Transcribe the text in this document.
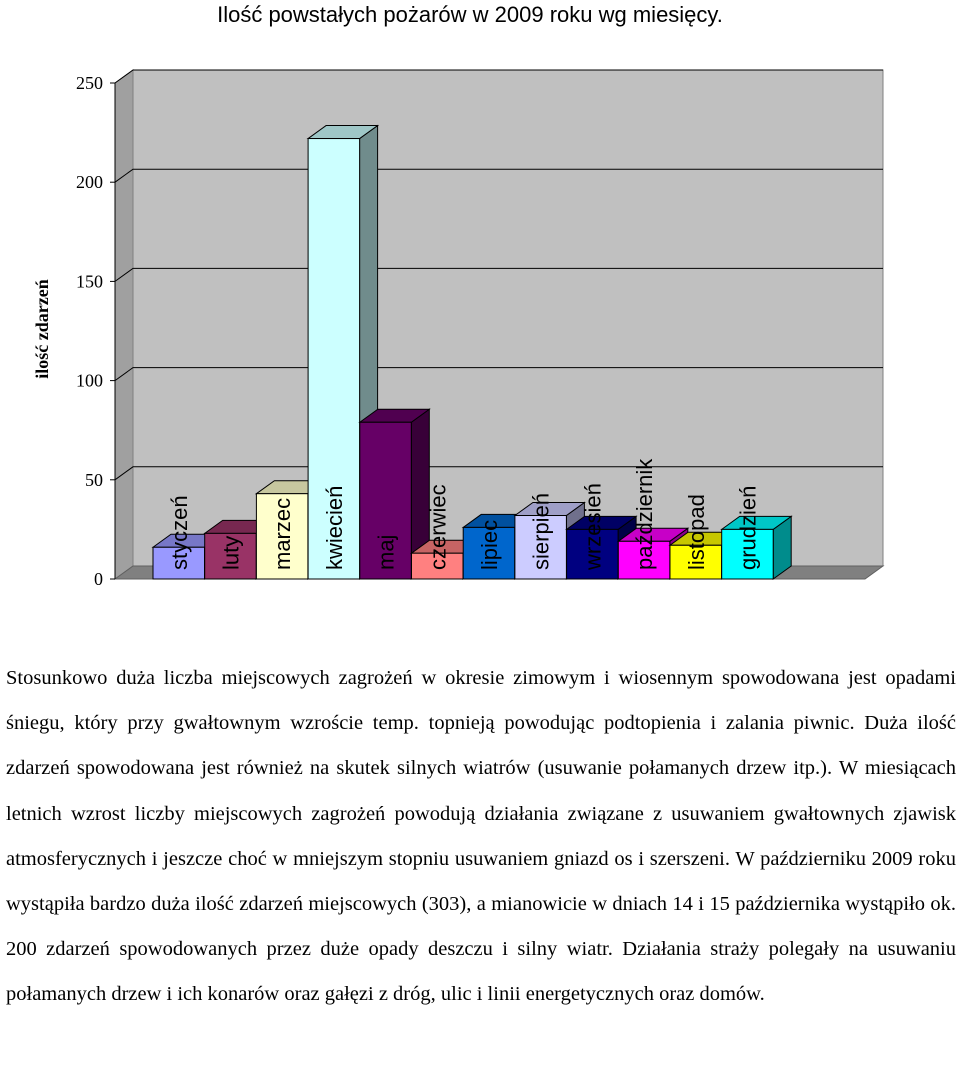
Ilość powstałych pożarów w 2009 roku wg miesięcy.
0
50
100
150
200
250
ilość zdarzeń
styczeń luty marzec kwiecień maj czerwiec lipiec sierpień wrzesień październik listopad grudzień

Stosunkowo duża liczba miejscowych zagrożeń w okresie zimowym i wiosennym spowodowana jest opadami śniegu, który przy gwałtownym wzroście temp. topnieją powodując podtopienia i zalania piwnic. Duża ilość zdarzeń spowodowana jest również na skutek silnych wiatrów (usuwanie połamanych drzew itp.). W miesiącach letnich wzrost liczby miejscowych zagrożeń powodują działania związane z usuwaniem gwałtownych zjawisk atmosferycznych i jeszcze choć w mniejszym stopniu usuwaniem gniazd os i szerszeni. W październiku 2009 roku wystąpiła bardzo duża ilość zdarzeń miejscowych (303), a mianowicie w dniach 14 i 15 października wystąpiło ok. 200 zdarzeń spowodowanych przez duże opady deszczu i silny wiatr. Działania straży polegały na usuwaniu połamanych drzew i ich konarów oraz gałęzi z dróg, ulic i linii energetycznych oraz domów.
